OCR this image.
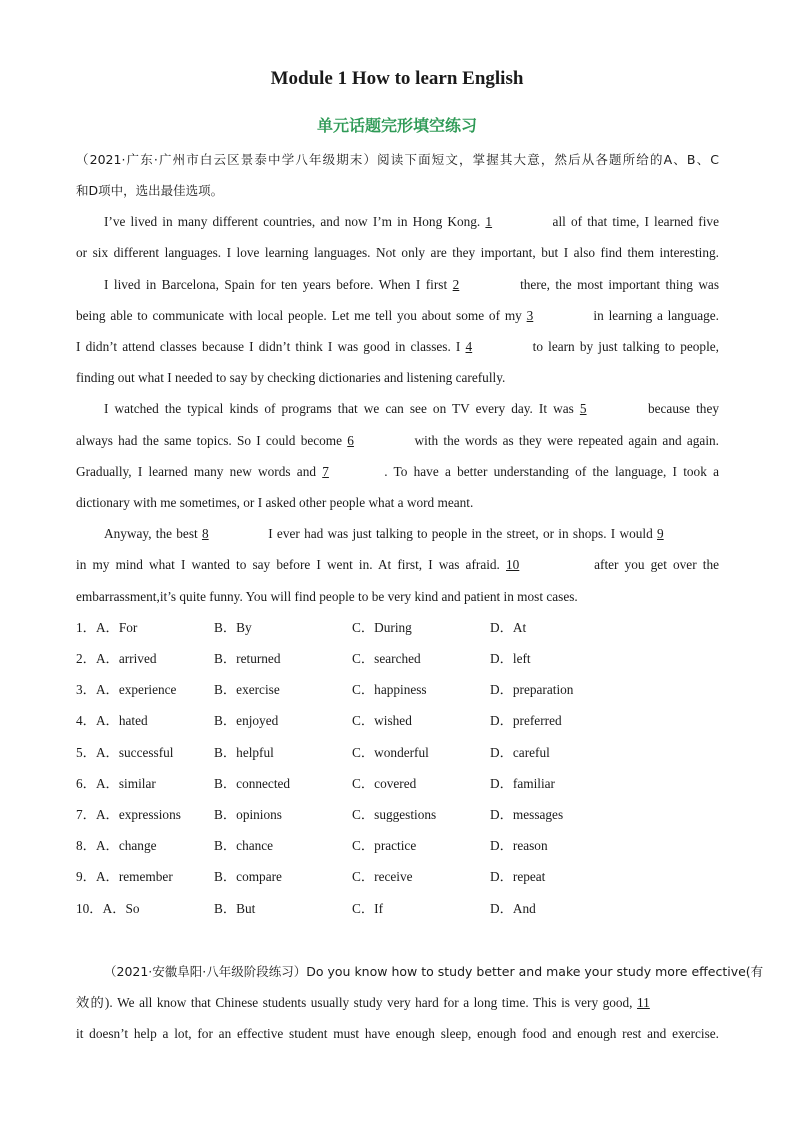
Module 1 How to learn English
单元话题完形填空练习
（2021·广东·广州市白云区景泰中学八年级期末）阅读下面短文，掌握其大意，然后从各题所给的A、B、C
和D项中，选出最佳选项。
I’ve lived in many different countries, and now I’m in Hong Kong. 1	all of that time, I learned five
or six different languages. I love learning languages. Not only are they important, but I also find them interesting.
I lived in Barcelona, Spain for ten years before. When I first 2	there, the most important thing was
being able to communicate with local people. Let me tell you about some of my 3	in learning a language.
I didn’t attend classes because I didn’t think I was good in classes. I 4	to learn by just talking to people,
finding out what I needed to say by checking dictionaries and listening carefully.
I watched the typical kinds of programs that we can see on TV every day. It was 5	because they
always had the same topics. So I could become 6	with the words as they were repeated again and again.
Gradually, I learned many new words and 7	. To have a better understanding of the language, I took a
dictionary with me sometimes, or I asked other people what a word meant.
Anyway, the best 8	I ever had was just talking to people in the street, or in shops. I would 9
in my mind what I wanted to say before I went in. At first, I was afraid. 10	after you get over the
embarrassment,it’s quite funny. You will find people to be very kind and patient in most cases.
1．A．For	B．By	C．During	D．At
2．A．arrived	B．returned	C．searched	D．left
3．A．experience	B．exercise	C．happiness	D．preparation
4．A．hated	B．enjoyed	C．wished	D．preferred
5．A．successful	B．helpful	C．wonderful	D．careful
6．A．similar	B．connected	C．covered	D．familiar
7．A．expressions B．opinions	C．suggestions	D．messages
8．A．change	B．chance	C．practice	D．reason
9．A．remember	B．compare	C．receive	D．repeat
10．A．So	B．But	C．If	D．And
（2021·安徽阜阳·八年级阶段练习）Do you know how to study better and make your study more effective(有
效的). We all know that Chinese students usually study very hard for a long time. This is very good, 11
it doesn’t help a lot, for an effective student must have enough sleep, enough food and enough rest and exercise.
